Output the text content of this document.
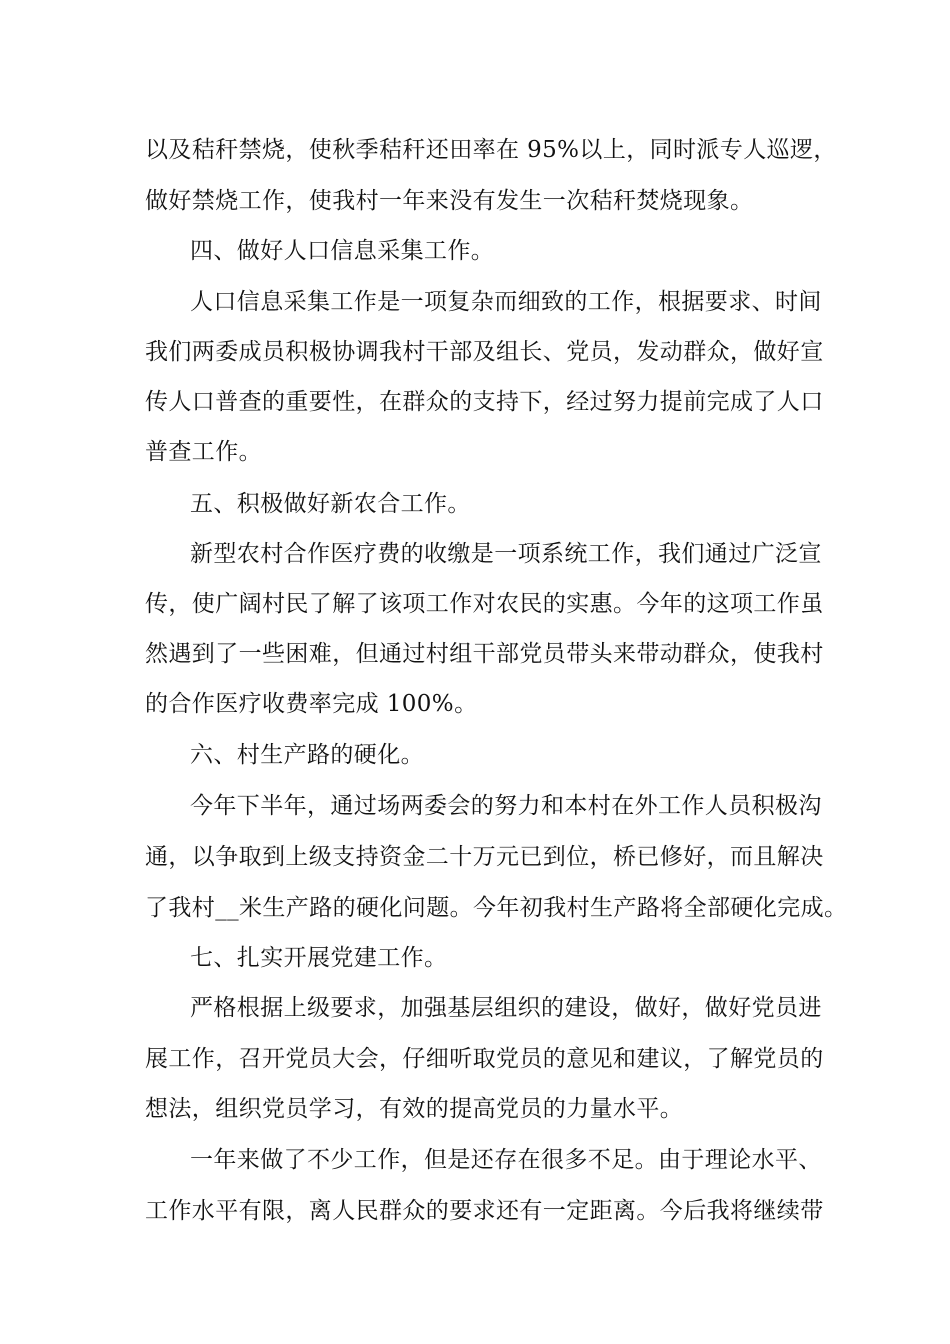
以及秸秆禁烧，使秋季秸秆还田率在 95%以上，同时派专人巡逻，
做好禁烧工作，使我村一年来没有发生一次秸秆焚烧现象。
四、做好人口信息采集工作。
人口信息采集工作是一项复杂而细致的工作，根据要求、时间
我们两委成员积极协调我村干部及组长、党员，发动群众，做好宣
传人口普查的重要性，在群众的支持下，经过努力提前完成了人口
普查工作。
五、积极做好新农合工作。
新型农村合作医疗费的收缴是一项系统工作，我们通过广泛宣
传，使广阔村民了解了该项工作对农民的实惠。今年的这项工作虽
然遇到了一些困难，但通过村组干部党员带头来带动群众，使我村
的合作医疗收费率完成 100%。
六、村生产路的硬化。
今年下半年，通过场两委会的努力和本村在外工作人员积极沟
通，以争取到上级支持资金二十万元已到位，桥已修好，而且解决
了我村__米生产路的硬化问题。今年初我村生产路将全部硬化完成。
七、扎实开展党建工作。
严格根据上级要求，加强基层组织的建设，做好，做好党员进
展工作，召开党员大会，仔细听取党员的意见和建议，了解党员的
想法，组织党员学习，有效的提高党员的力量水平。
一年来做了不少工作，但是还存在很多不足。由于理论水平、
工作水平有限，离人民群众的要求还有一定距离。今后我将继续带
